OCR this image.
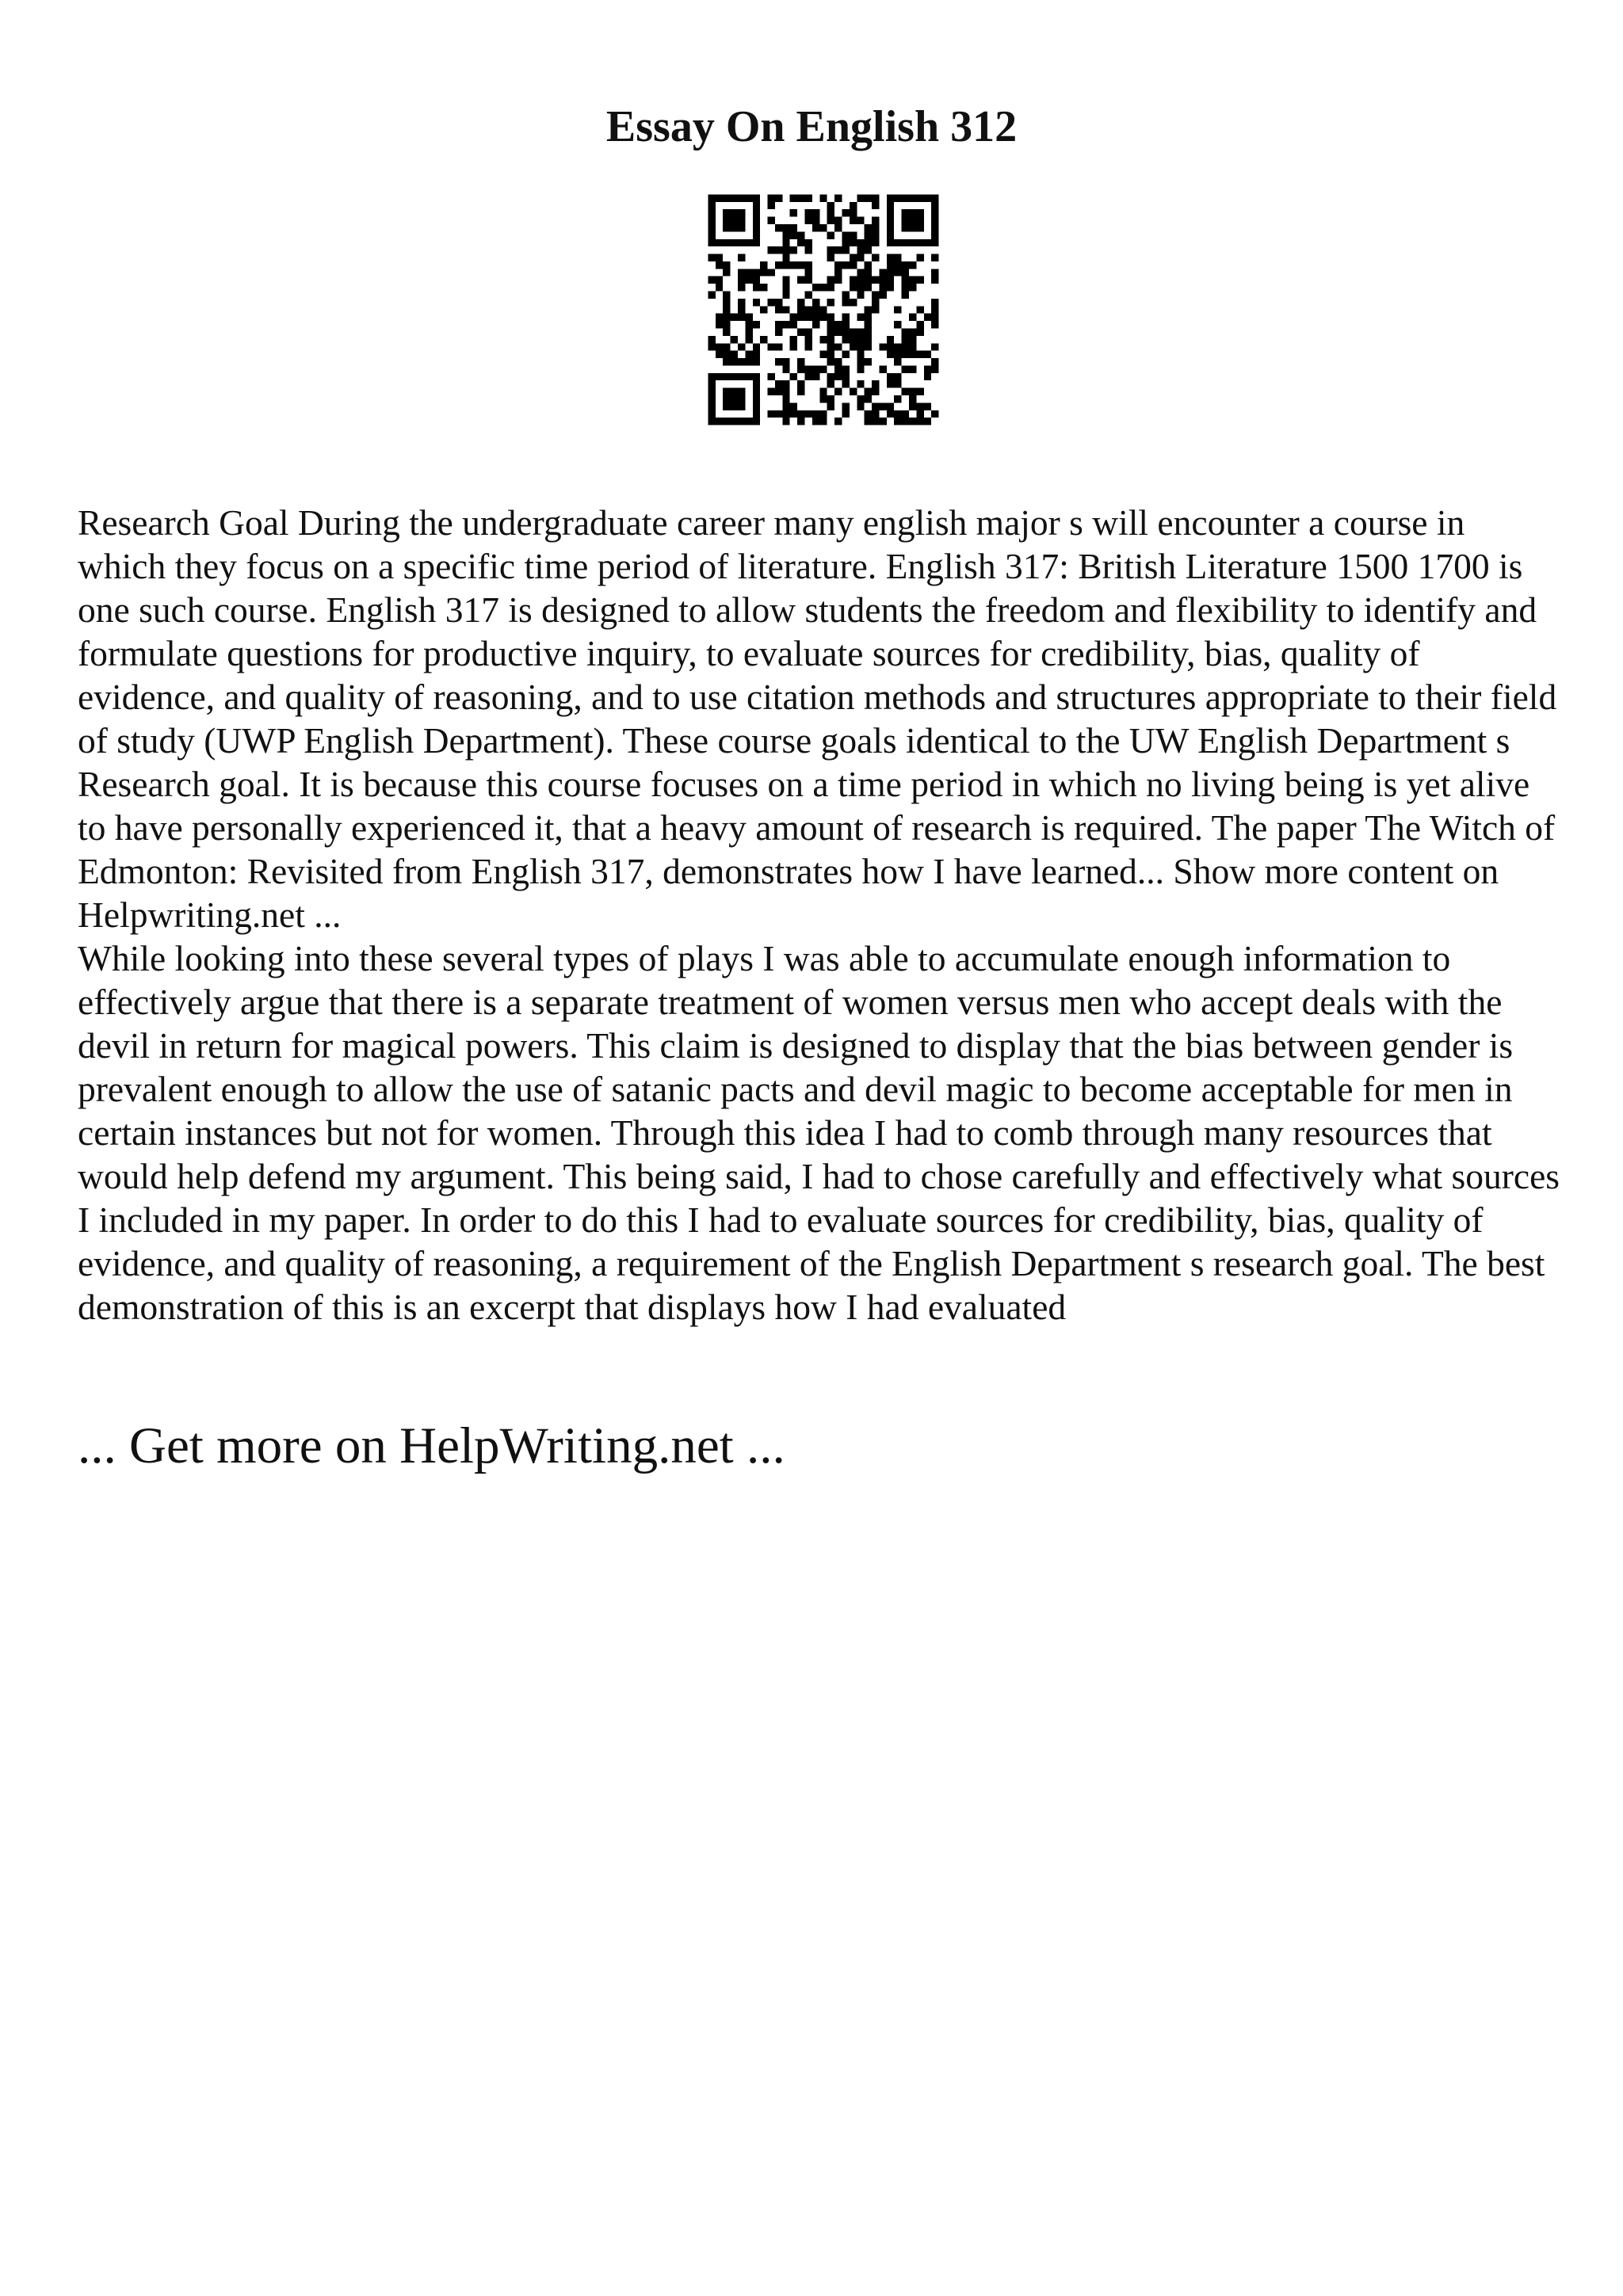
Essay On English 312

Research Goal During the undergraduate career many english major s will encounter a course in which they focus on a specific time period of literature. English 317: British Literature 1500 1700 is one such course. English 317 is designed to allow students the freedom and flexibility to identify and formulate questions for productive inquiry, to evaluate sources for credibility, bias, quality of evidence, and quality of reasoning, and to use citation methods and structures appropriate to their field of study (UWP English Department). These course goals identical to the UW English Department s Research goal. It is because this course focuses on a time period in which no living being is yet alive to have personally experienced it, that a heavy amount of research is required. The paper The Witch of Edmonton: Revisited from English 317, demonstrates how I have learned... Show more content on Helpwriting.net ...

While looking into these several types of plays I was able to accumulate enough information to effectively argue that there is a separate treatment of women versus men who accept deals with the devil in return for magical powers. This claim is designed to display that the bias between gender is prevalent enough to allow the use of satanic pacts and devil magic to become acceptable for men in certain instances but not for women. Through this idea I had to comb through many resources that would help defend my argument. This being said, I had to chose carefully and effectively what sources I included in my paper. In order to do this I had to evaluate sources for credibility, bias, quality of evidence, and quality of reasoning, a requirement of the English Department s research goal. The best demonstration of this is an excerpt that displays how I had evaluated

... Get more on HelpWriting.net ...
